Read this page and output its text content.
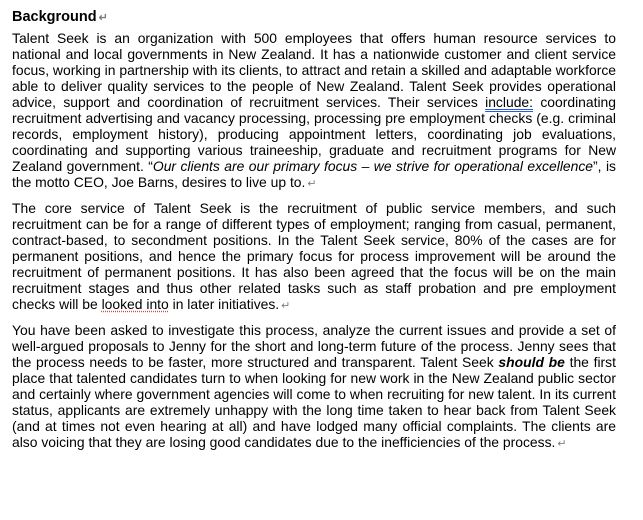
Background ↵

Talent Seek is an organization with 500 employees that offers human resource services to national and local governments in New Zealand. It has a nationwide customer and client service focus, working in partnership with its clients, to attract and retain a skilled and adaptable workforce able to deliver quality services to the people of New Zealand. Talent Seek provides operational advice, support and coordination of recruitment services. Their services include: coordinating recruitment advertising and vacancy processing, processing pre employment checks (e.g. criminal records, employment history), producing appointment letters, coordinating job evaluations, coordinating and supporting various traineeship, graduate and recruitment programs for New Zealand government. “Our clients are our primary focus – we strive for operational excellence”, is the motto CEO, Joe Barns, desires to live up to. ↵

The core service of Talent Seek is the recruitment of public service members, and such recruitment can be for a range of different types of employment; ranging from casual, permanent, contract-based, to secondment positions. In the Talent Seek service, 80% of the cases are for permanent positions, and hence the primary focus for process improvement will be around the recruitment of permanent positions. It has also been agreed that the focus will be on the main recruitment stages and thus other related tasks such as staff probation and pre employment checks will be looked into in later initiatives. ↵

You have been asked to investigate this process, analyze the current issues and provide a set of well-argued proposals to Jenny for the short and long-term future of the process. Jenny sees that the process needs to be faster, more structured and transparent. Talent Seek should be the first place that talented candidates turn to when looking for new work in the New Zealand public sector and certainly where government agencies will come to when recruiting for new talent. In its current status, applicants are extremely unhappy with the long time taken to hear back from Talent Seek (and at times not even hearing at all) and have lodged many official complaints. The clients are also voicing that they are losing good candidates due to the inefficiencies of the process. ↵
